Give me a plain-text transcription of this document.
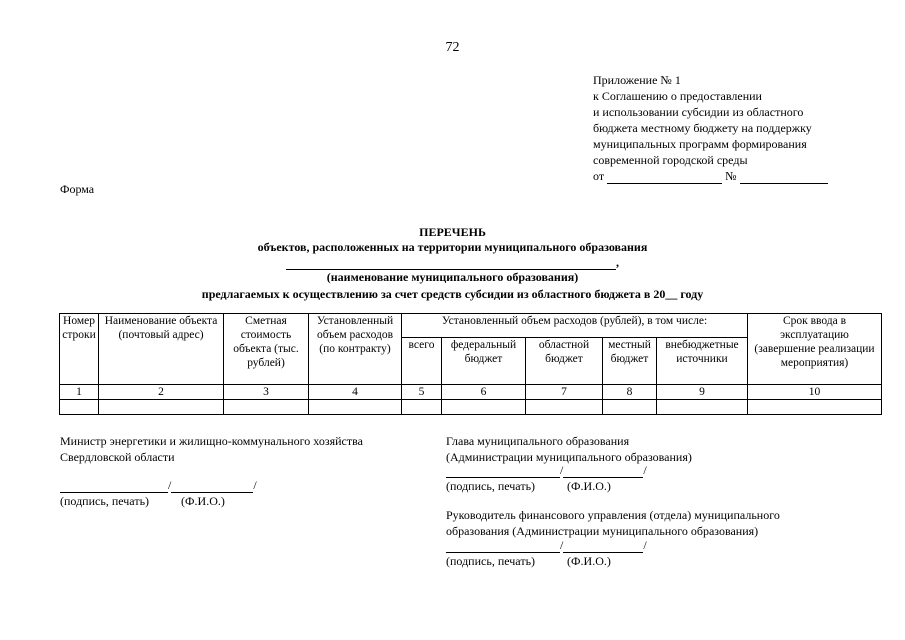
72
Приложение № 1
к Соглашению о предоставлении
и использовании субсидии из областного
бюджета местному бюджету на поддержку
муниципальных программ формирования
современной городской среды
от	№
Форма
ПЕРЕЧЕНЬ
объектов, расположенных на территории муниципального образования
,
(наименование муниципального образования)
предлагаемых к осуществлению за счет средств субсидии из областного бюджета в 20__ году
Номер строки	Наименование объекта (почтовый адрес)	Сметная стоимость объекта (тыс. рублей)	Установленный объем расходов (по контракту)	Установленный объем расходов (рублей), в том числе:					Срок ввода в эксплуатацию (завершение реализации мероприятия)
				всего	федеральный бюджет	областной бюджет	местный бюджет	внебюджетные источники	
1	2	3	4	5	6	7	8	9	10

Министр энергетики и жилищно-коммунального хозяйства
Свердловской области
/	/
(подпись, печать)	(Ф.И.О.)
Глава муниципального образования
(Администрации муниципального образования)
/	/
(подпись, печать)	(Ф.И.О.)
Руководитель финансового управления (отдела) муниципального
образования (Администрации муниципального образования)
/	/
(подпись, печать)	(Ф.И.О.)
